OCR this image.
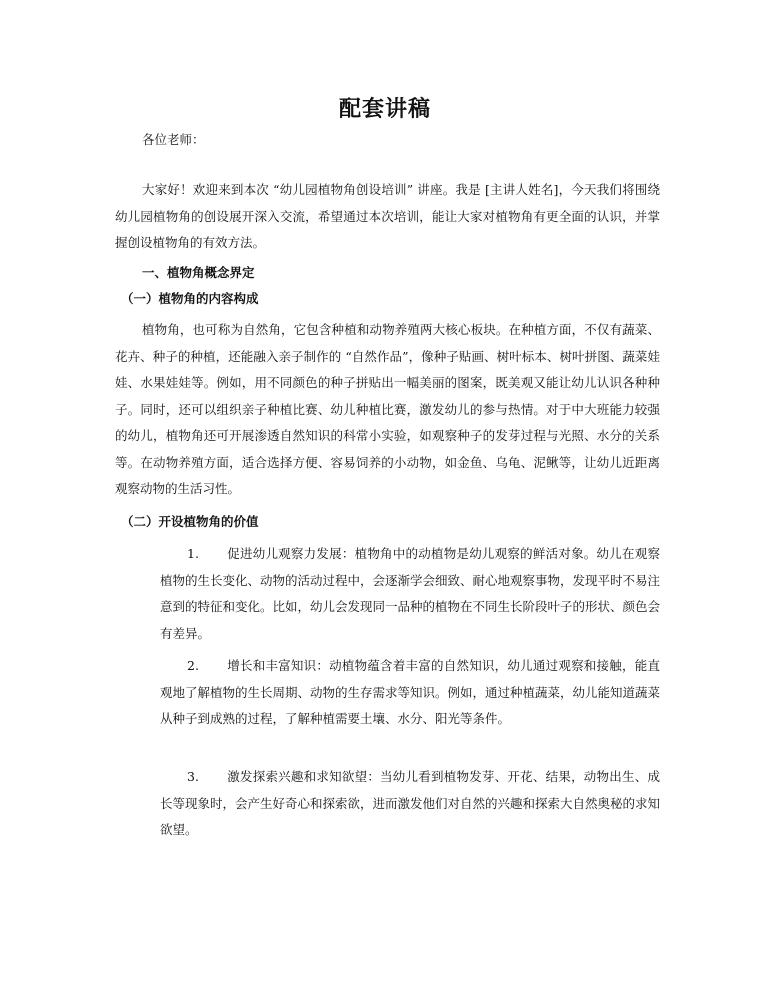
配套讲稿
各位老师：
大家好！欢迎来到本次 “幼儿园植物角创设培训” 讲座。我是 [主讲人姓名]，今天我们将围绕幼儿园植物角的创设展开深入交流，希望通过本次培训，能让大家对植物角有更全面的认识，并掌握创设植物角的有效方法。
一、植物角概念界定
（一）植物角的内容构成
植物角，也可称为自然角，它包含种植和动物养殖两大核心板块。在种植方面，不仅有蔬菜、花卉、种子的种植，还能融入亲子制作的 “自然作品”，像种子贴画、树叶标本、树叶拼图、蔬菜娃娃、水果娃娃等。例如，用不同颜色的种子拼贴出一幅美丽的图案，既美观又能让幼儿认识各种种子。同时，还可以组织亲子种植比赛、幼儿种植比赛，激发幼儿的参与热情。对于中大班能力较强的幼儿，植物角还可开展渗透自然知识的科常小实验，如观察种子的发芽过程与光照、水分的关系等。在动物养殖方面，适合选择方便、容易饲养的小动物，如金鱼、乌龟、泥鳅等，让幼儿近距离观察动物的生活习性。
（二）开设植物角的价值
1. 促进幼儿观察力发展：植物角中的动植物是幼儿观察的鲜活对象。幼儿在观察植物的生长变化、动物的活动过程中，会逐渐学会细致、耐心地观察事物，发现平时不易注意到的特征和变化。比如，幼儿会发现同一品种的植物在不同生长阶段叶子的形状、颜色会有差异。
2. 增长和丰富知识：动植物蕴含着丰富的自然知识，幼儿通过观察和接触，能直观地了解植物的生长周期、动物的生存需求等知识。例如，通过种植蔬菜，幼儿能知道蔬菜从种子到成熟的过程，了解种植需要土壤、水分、阳光等条件。
3. 激发探索兴趣和求知欲望：当幼儿看到植物发芽、开花、结果，动物出生、成长等现象时，会产生好奇心和探索欲，进而激发他们对自然的兴趣和探索大自然奥秘的求知欲望。
